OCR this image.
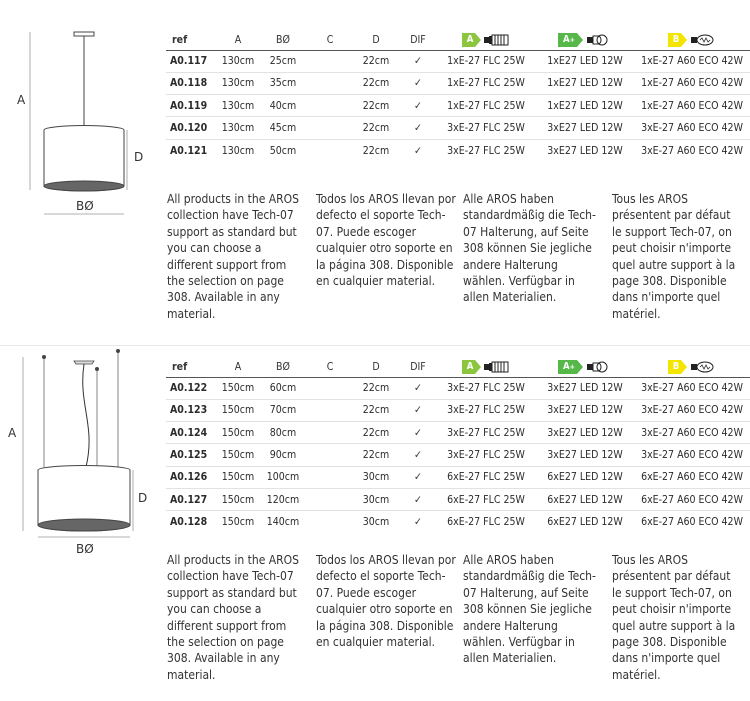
A
D
BØ
ref	A	BØ	C	D	DIF	A	A +	B

A0.117	130cm	25cm		22cm	✓	1xE-27 FLC 25W	1xE27 LED 12W	1xE-27 A60 ECO 42W
A0.118	130cm	35cm		22cm	✓	1xE-27 FLC 25W	1xE27 LED 12W	1xE-27 A60 ECO 42W
A0.119	130cm	40cm		22cm	✓	1xE-27 FLC 25W	1xE27 LED 12W	1xE-27 A60 ECO 42W
A0.120	130cm	45cm		22cm	✓	3xE-27 FLC 25W	3xE27 LED 12W	3xE-27 A60 ECO 42W
A0.121	130cm	50cm		22cm	✓	3xE-27 FLC 25W	3xE27 LED 12W	3xE-27 A60 ECO 42W
All products in the AROS collection have Tech-07 support as standard but you can choose a different support from the selection on page 308. Available in any material.
Todos los AROS llevan por defecto el soporte Tech-07. Puede escoger cualquier otro soporte en la página 308. Disponible en cualquier material.
Alle AROS haben standardmäßig die Tech-07 Halterung, auf Seite 308 können Sie jegliche andere Halterung wählen. Verfügbar in allen Materialien.
Tous les AROS présentent par défaut le support Tech-07, on peut choisir n'importe quel autre support à la page 308. Disponible dans n'importe quel matériel.
A
D
BØ
ref	A	BØ	C	D	DIF	A	A +	B

A0.122	150cm	60cm		22cm	✓	3xE-27 FLC 25W	3xE27 LED 12W	3xE-27 A60 ECO 42W
A0.123	150cm	70cm		22cm	✓	3xE-27 FLC 25W	3xE27 LED 12W	3xE-27 A60 ECO 42W
A0.124	150cm	80cm		22cm	✓	3xE-27 FLC 25W	3xE27 LED 12W	3xE-27 A60 ECO 42W
A0.125	150cm	90cm		22cm	✓	3xE-27 FLC 25W	3xE27 LED 12W	3xE-27 A60 ECO 42W
A0.126	150cm	100cm		30cm	✓	6xE-27 FLC 25W	6xE27 LED 12W	6xE-27 A60 ECO 42W
A0.127	150cm	120cm		30cm	✓	6xE-27 FLC 25W	6xE27 LED 12W	6xE-27 A60 ECO 42W
A0.128	150cm	140cm		30cm	✓	6xE-27 FLC 25W	6xE27 LED 12W	6xE-27 A60 ECO 42W
All products in the AROS collection have Tech-07 support as standard but you can choose a different support from the selection on page 308. Available in any material.
Todos los AROS llevan por defecto el soporte Tech-07. Puede escoger cualquier otro soporte en la página 308. Disponible en cualquier material.
Alle AROS haben standardmäßig die Tech-07 Halterung, auf Seite 308 können Sie jegliche andere Halterung wählen. Verfügbar in allen Materialien.
Tous les AROS présentent par défaut le support Tech-07, on peut choisir n'importe quel autre support à la page 308. Disponible dans n'importe quel matériel.
